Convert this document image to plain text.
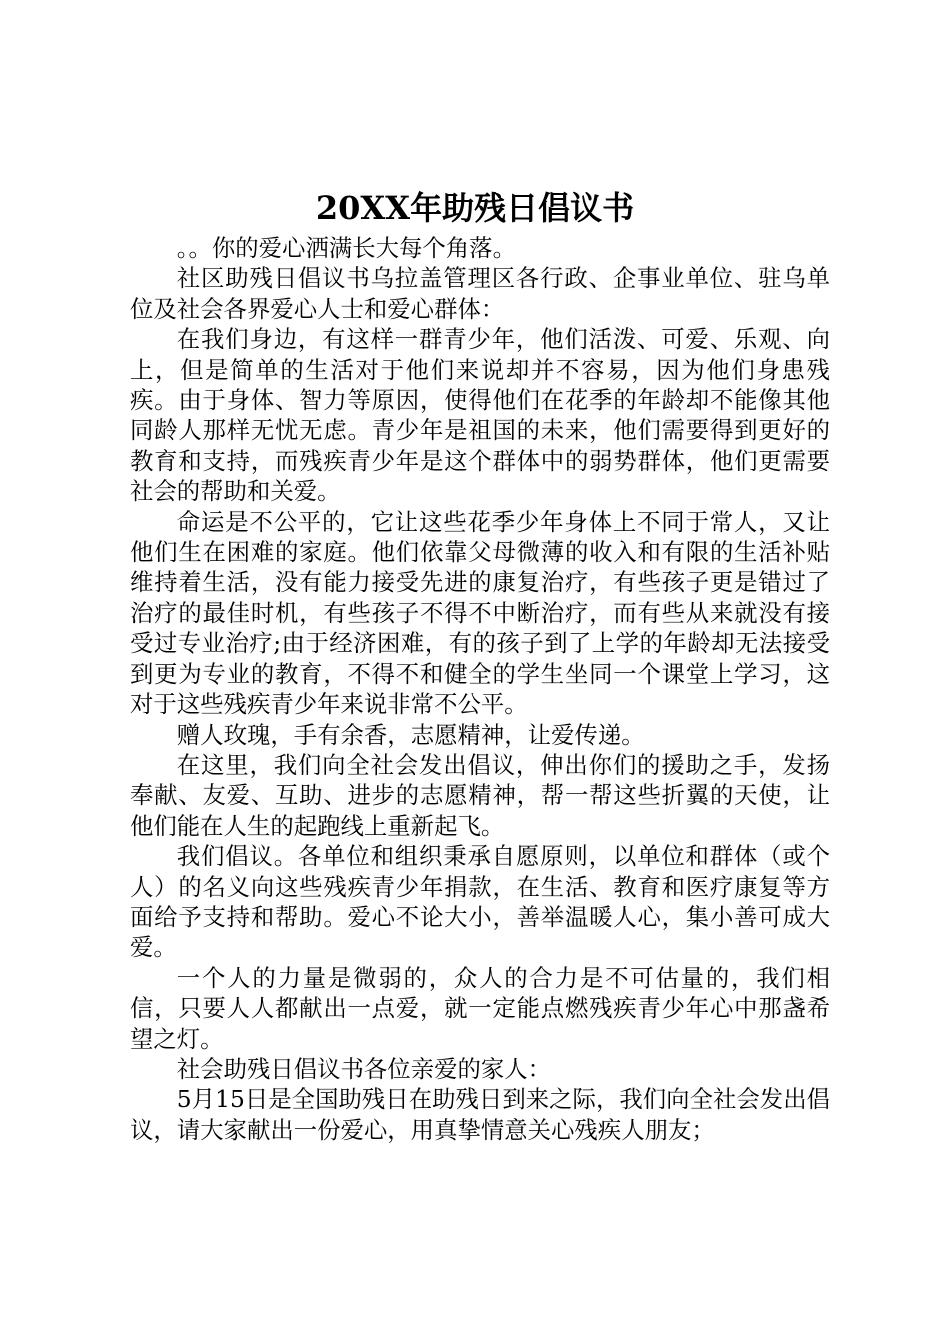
20XX年助残日倡议书

。。你的爱心洒满长大每个角落。

社区助残日倡议书乌拉盖管理区各行政、企事业单位、驻乌单位及社会各界爱心人士和爱心群体：

在我们身边，有这样一群青少年，他们活泼、可爱、乐观、向上，但是简单的生活对于他们来说却并不容易，因为他们身患残疾。由于身体、智力等原因，使得他们在花季的年龄却不能像其他同龄人那样无忧无虑。青少年是祖国的未来，他们需要得到更好的教育和支持，而残疾青少年是这个群体中的弱势群体，他们更需要社会的帮助和关爱。

命运是不公平的，它让这些花季少年身体上不同于常人，又让他们生在困难的家庭。他们依靠父母微薄的收入和有限的生活补贴维持着生活，没有能力接受先进的康复治疗，有些孩子更是错过了治疗的最佳时机，有些孩子不得不中断治疗，而有些从来就没有接受过专业治疗;由于经济困难，有的孩子到了上学的年龄却无法接受到更为专业的教育，不得不和健全的学生坐同一个课堂上学习，这对于这些残疾青少年来说非常不公平。

赠人玫瑰，手有余香，志愿精神，让爱传递。

在这里，我们向全社会发出倡议，伸出你们的援助之手，发扬奉献、友爱、互助、进步的志愿精神，帮一帮这些折翼的天使，让他们能在人生的起跑线上重新起飞。

我们倡议。各单位和组织秉承自愿原则，以单位和群体（或个人）的名义向这些残疾青少年捐款，在生活、教育和医疗康复等方面给予支持和帮助。爱心不论大小，善举温暖人心，集小善可成大爱。

一个人的力量是微弱的，众人的合力是不可估量的，我们相信，只要人人都献出一点爱，就一定能点燃残疾青少年心中那盏希望之灯。

社会助残日倡议书各位亲爱的家人：

5月15日是全国助残日在助残日到来之际，我们向全社会发出倡议，请大家献出一份爱心，用真挚情意关心残疾人朋友；
